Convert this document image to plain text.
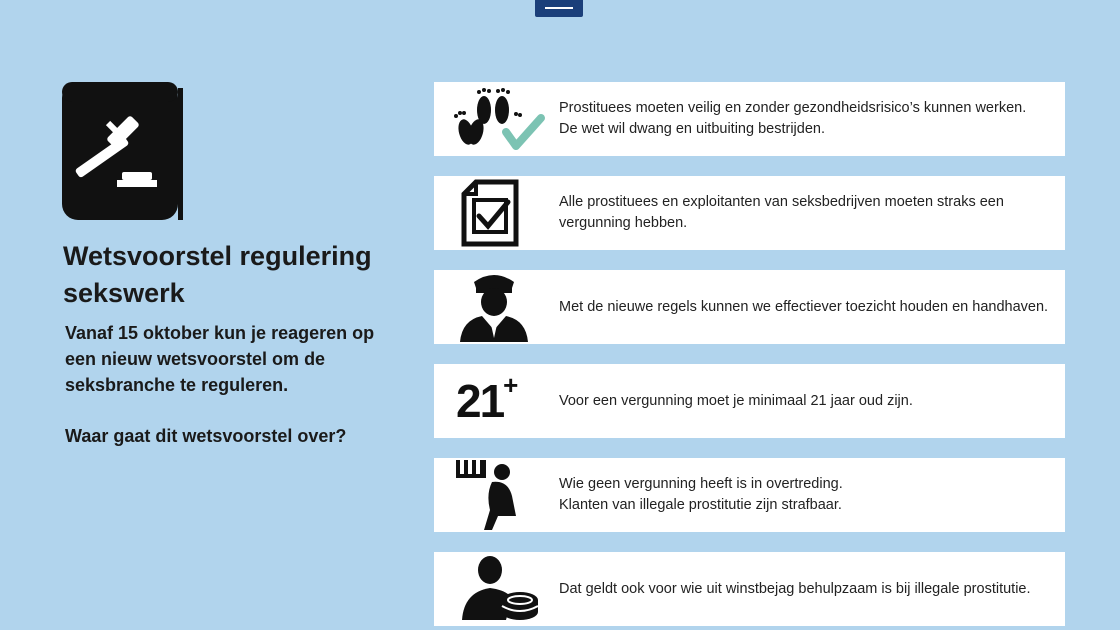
Wetsvoorstel regulering sekswerk

Vanaf 15 oktober kun je reageren op een nieuw wetsvoorstel om de seksbranche te reguleren.

Waar gaat dit wetsvoorstel over?

Prostituees moeten veilig en zonder gezondheidsrisico’s kunnen werken.
De wet wil dwang en uitbuiting bestrijden.
Alle prostituees en exploitanten van seksbedrijven moeten straks een vergunning hebben.
Met de nieuwe regels kunnen we effectiever toezicht houden en handhaven.
21 +
Voor een vergunning moet je minimaal 21 jaar oud zijn.
Wie geen vergunning heeft is in overtreding.
Klanten van illegale prostitutie zijn strafbaar.
Dat geldt ook voor wie uit winstbejag behulpzaam is bij illegale prostitutie.
